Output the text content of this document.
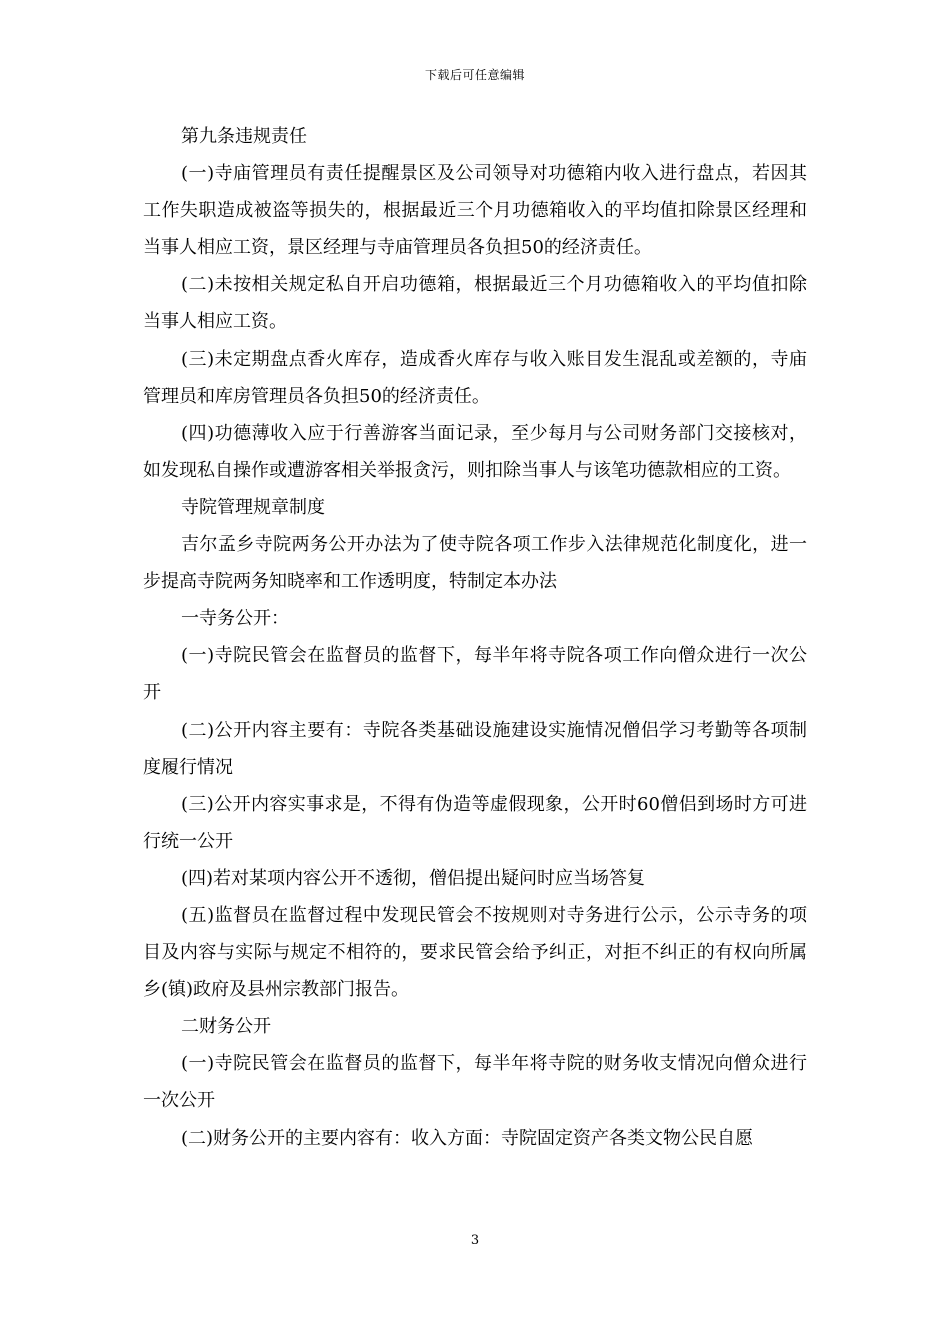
下载后可任意编辑

第九条违规责任

(一)寺庙管理员有责任提醒景区及公司领导对功德箱内收入进行盘点，若因其工作失职造成被盗等损失的，根据最近三个月功德箱收入的平均值扣除景区经理和当事人相应工资，景区经理与寺庙管理员各负担50的经济责任。

(二)未按相关规定私自开启功德箱，根据最近三个月功德箱收入的平均值扣除当事人相应工资。

(三)未定期盘点香火库存，造成香火库存与收入账目发生混乱或差额的，寺庙管理员和库房管理员各负担50的经济责任。

(四)功德薄收入应于行善游客当面记录，至少每月与公司财务部门交接核对，如发现私自操作或遭游客相关举报贪污，则扣除当事人与该笔功德款相应的工资。

寺院管理规章制度

吉尔孟乡寺院两务公开办法为了使寺院各项工作步入法律规范化制度化，进一步提高寺院两务知晓率和工作透明度，特制定本办法

一寺务公开：

(一)寺院民管会在监督员的监督下，每半年将寺院各项工作向僧众进行一次公开

(二)公开内容主要有：寺院各类基础设施建设实施情况僧侣学习考勤等各项制度履行情况

(三)公开内容实事求是，不得有伪造等虚假现象，公开时60僧侣到场时方可进行统一公开

(四)若对某项内容公开不透彻，僧侣提出疑问时应当场答复

(五)监督员在监督过程中发现民管会不按规则对寺务进行公示，公示寺务的项目及内容与实际与规定不相符的，要求民管会给予纠正，对拒不纠正的有权向所属乡(镇)政府及县州宗教部门报告。

二财务公开

(一)寺院民管会在监督员的监督下，每半年将寺院的财务收支情况向僧众进行一次公开

(二)财务公开的主要内容有：收入方面：寺院固定资产各类文物公民自愿

3
